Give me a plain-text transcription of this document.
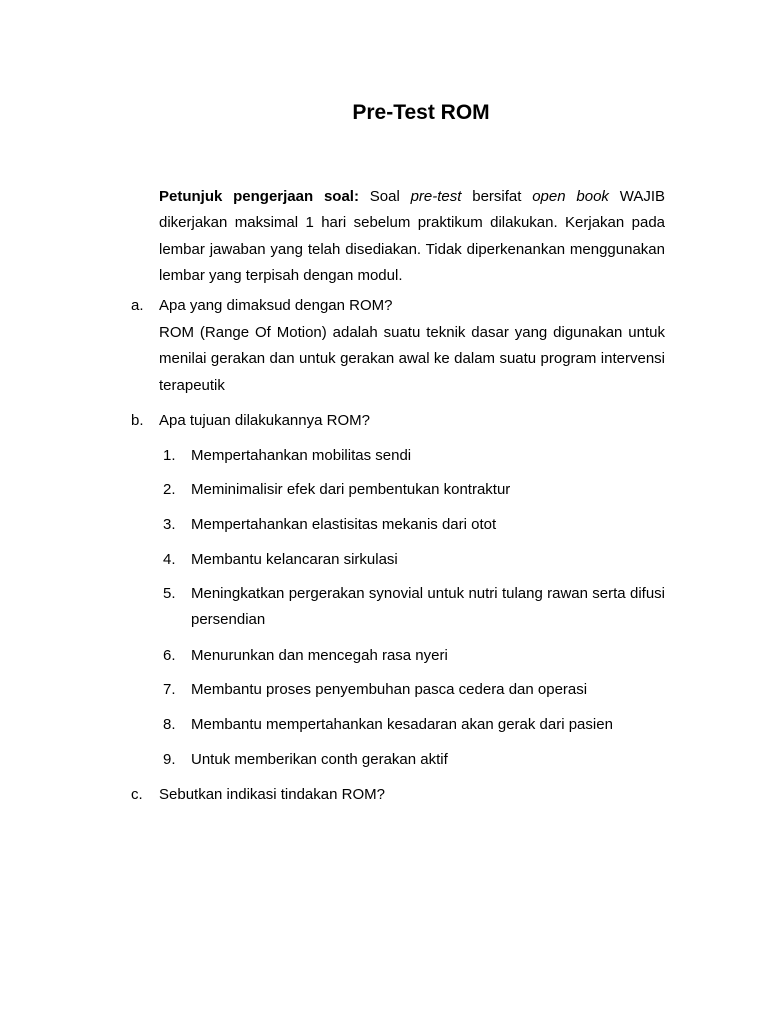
Pre-Test ROM

Petunjuk pengerjaan soal: Soal pre-test bersifat open book WAJIB dikerjakan maksimal 1 hari sebelum praktikum dilakukan. Kerjakan pada lembar jawaban yang telah disediakan. Tidak diperkenankan menggunakan lembar yang terpisah dengan modul.

a. Apa yang dimaksud dengan ROM?

ROM (Range Of Motion) adalah suatu teknik dasar yang digunakan untuk menilai gerakan dan untuk gerakan awal ke dalam suatu program intervensi terapeutik

b. Apa tujuan dilakukannya ROM?
1. Mempertahankan mobilitas sendi
2. Meminimalisir efek dari pembentukan kontraktur
3. Mempertahankan elastisitas mekanis dari otot
4. Membantu kelancaran sirkulasi
5. Meningkatkan pergerakan synovial untuk nutri tulang rawan serta difusi persendian
6. Menurunkan dan mencegah rasa nyeri
7. Membantu proses penyembuhan pasca cedera dan operasi
8. Membantu mempertahankan kesadaran akan gerak dari pasien
9. Untuk memberikan conth gerakan aktif
c. Sebutkan indikasi tindakan ROM?
